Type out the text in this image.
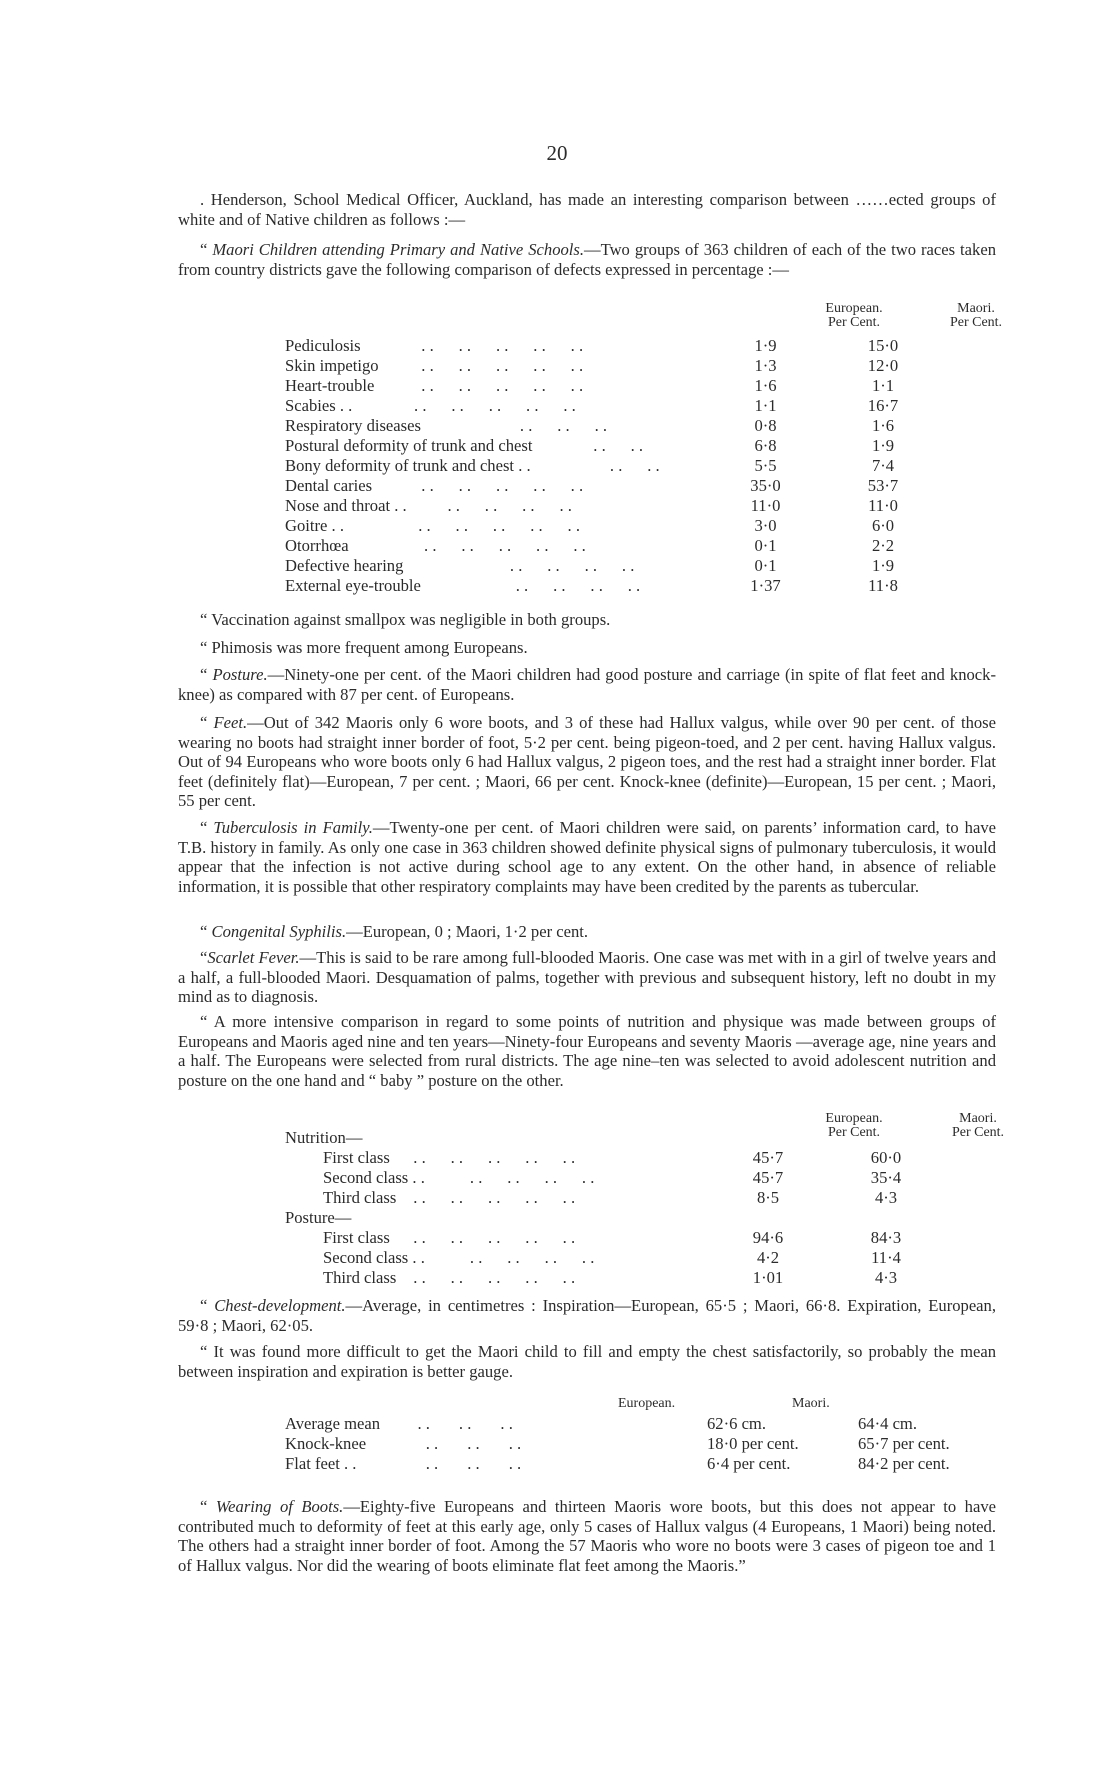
20

. Henderson, School Medical Officer, Auckland, has made an interesting comparison between ……ected groups of white and of Native children as follows :—

“ Maori Children attending Primary and Native Schools.—Two groups of 363 children of each of the two races taken from country districts gave the following comparison of defects expressed in percentage :—

European.
Per Cent.
Maori.
Per Cent.
Pediculosis	. .      . .      . .      . .      . .	1·9	15·0
Skin impetigo . .      . .      . .      . .      . .	1·3	12·0
Heart-trouble . .      . .      . .      . .      . .	1·6	1·1
Scabies . . . .      . .      . .      . .      . .	1·1	16·7
Respiratory diseases	. .      . .      . .	0·8	1·6
Postural deformity of trunk and chest	. .      . .	6·8	1·9
Bony deformity of trunk and chest . .	. .      . .	5·5	7·4
Dental caries . .      . .      . .      . .      . .	35·0	53·7
Nose and throat . . . .      . .      . .      . .	11·0	11·0
Goitre . . . .      . .      . .      . .      . .	3·0	6·0
Otorrhœa	. .      . .      . .      . .      . .	0·1	2·2
Defective hearing	. .      . .      . .      . .	0·1	1·9
External eye-trouble	. .      . .      . .      . .	1·37	11·8

“ Vaccination against smallpox was negligible in both groups.

“ Phimosis was more frequent among Europeans.

“ Posture.—Ninety-one per cent. of the Maori children had good posture and carriage (in spite of flat feet and knock-knee) as compared with 87 per cent. of Europeans.

“ Feet.—Out of 342 Maoris only 6 wore boots, and 3 of these had Hallux valgus, while over 90 per cent. of those wearing no boots had straight inner border of foot, 5·2 per cent. being pigeon-toed, and 2 per cent. having Hallux valgus. Out of 94 Europeans who wore boots only 6 had Hallux valgus, 2 pigeon toes, and the rest had a straight inner border. Flat feet (definitely flat)—European, 7 per cent. ; Maori, 66 per cent. Knock-knee (definite)—European, 15 per cent. ; Maori, 55 per cent.

“ Tuberculosis in Family.—Twenty-one per cent. of Maori children were said, on parents’ information card, to have T.B. history in family. As only one case in 363 children showed definite physical signs of pulmonary tuberculosis, it would appear that the infection is not active during school age to any extent. On the other hand, in absence of reliable information, it is possible that other respiratory complaints may have been credited by the parents as tubercular.

“ Congenital Syphilis.—European, 0 ; Maori, 1·2 per cent.

“Scarlet Fever.—This is said to be rare among full-blooded Maoris. One case was met with in a girl of twelve years and a half, a full-blooded Maori. Desquamation of palms, together with previous and subsequent history, left no doubt in my mind as to diagnosis.

“ A more intensive comparison in regard to some points of nutrition and physique was made between groups of Europeans and Maoris aged nine and ten years—Ninety-four Europeans and seventy Maoris —average age, nine years and a half. The Europeans were selected from rural districts. The age nine–ten was selected to avoid adolescent nutrition and posture on the one hand and “ baby ” posture on the other.

European.
Per Cent.
Maori.
Per Cent.
Nutrition—
First class . .      . .      . .      . .      . .	45·7	60·0
Second class . . . .      . .      . .      . .	45·7	35·4
Third class . .      . .      . .      . .      . .	8·5	4·3
Posture—
First class . .      . .      . .      . .      . .	94·6	84·3
Second class . . . .      . .      . .      . .	4·2	11·4
Third class . .      . .      . .      . .      . .	1·01	4·3

“ Chest-development.—Average, in centimetres : Inspiration—European, 65·5 ; Maori, 66·8. Expiration, European, 59·8 ; Maori, 62·05.

“ It was found more difficult to get the Maori child to fill and empty the chest satisfactorily, so probably the mean between inspiration and expiration is better gauge.

European.	Maori.
Average mean . .       . .       . .	62·6 cm.	64·4 cm.
Knock-knee . .       . .       . .	18·0 per cent.	65·7 per cent.
Flat feet . .	. .       . .       . .	6·4 per cent.	84·2 per cent.

“ Wearing of Boots.—Eighty-five Europeans and thirteen Maoris wore boots, but this does not appear to have contributed much to deformity of feet at this early age, only 5 cases of Hallux valgus (4 Europeans, 1 Maori) being noted. The others had a straight inner border of foot. Among the 57 Maoris who wore no boots were 3 cases of pigeon toe and 1 of Hallux valgus. Nor did the wearing of boots eliminate flat feet among the Maoris.”
